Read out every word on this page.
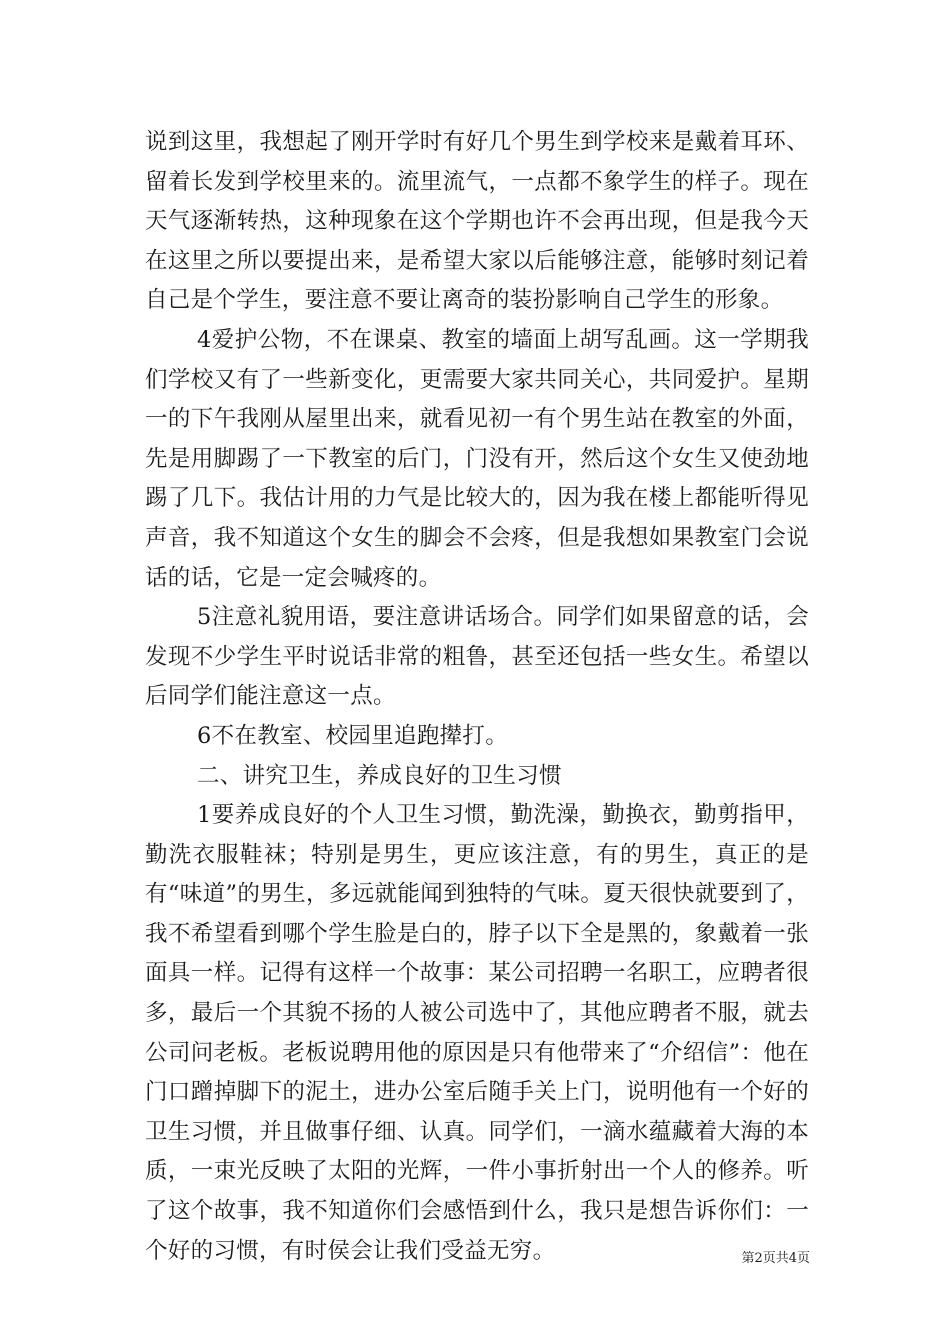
说到这里，我想起了刚开学时有好几个男生到学校来是戴着耳环、留着长发到学校里来的。流里流气，一点都不象学生的样子。现在天气逐渐转热，这种现象在这个学期也许不会再出现，但是我今天在这里之所以要提出来，是希望大家以后能够注意，能够时刻记着自己是个学生，要注意不要让离奇的装扮影响自己学生的形象。

4爱护公物，不在课桌、教室的墙面上胡写乱画。这一学期我们学校又有了一些新变化，更需要大家共同关心，共同爱护。星期一的下午我刚从屋里出来，就看见初一有个男生站在教室的外面，先是用脚踢了一下教室的后门，门没有开，然后这个女生又使劲地踢了几下。我估计用的力气是比较大的，因为我在楼上都能听得见声音，我不知道这个女生的脚会不会疼，但是我想如果教室门会说话的话，它是一定会喊疼的。

5注意礼貌用语，要注意讲话场合。同学们如果留意的话，会发现不少学生平时说话非常的粗鲁，甚至还包括一些女生。希望以后同学们能注意这一点。

6不在教室、校园里追跑撵打。

二、讲究卫生，养成良好的卫生习惯

1要养成良好的个人卫生习惯，勤洗澡，勤换衣，勤剪指甲，勤洗衣服鞋袜；特别是男生，更应该注意，有的男生，真正的是有“味道”的男生，多远就能闻到独特的气味。夏天很快就要到了，我不希望看到哪个学生脸是白的，脖子以下全是黑的，象戴着一张面具一样。记得有这样一个故事：某公司招聘一名职工，应聘者很多，最后一个其貌不扬的人被公司选中了，其他应聘者不服，就去公司问老板。老板说聘用他的原因是只有他带来了“介绍信”：他在门口蹭掉脚下的泥土，进办公室后随手关上门，说明他有一个好的卫生习惯，并且做事仔细、认真。同学们，一滴水蕴藏着大海的本质，一束光反映了太阳的光辉，一件小事折射出一个人的修养。听了这个故事，我不知道你们会感悟到什么，我只是想告诉你们：一个好的习惯，有时侯会让我们受益无穷。	第2页共4页
